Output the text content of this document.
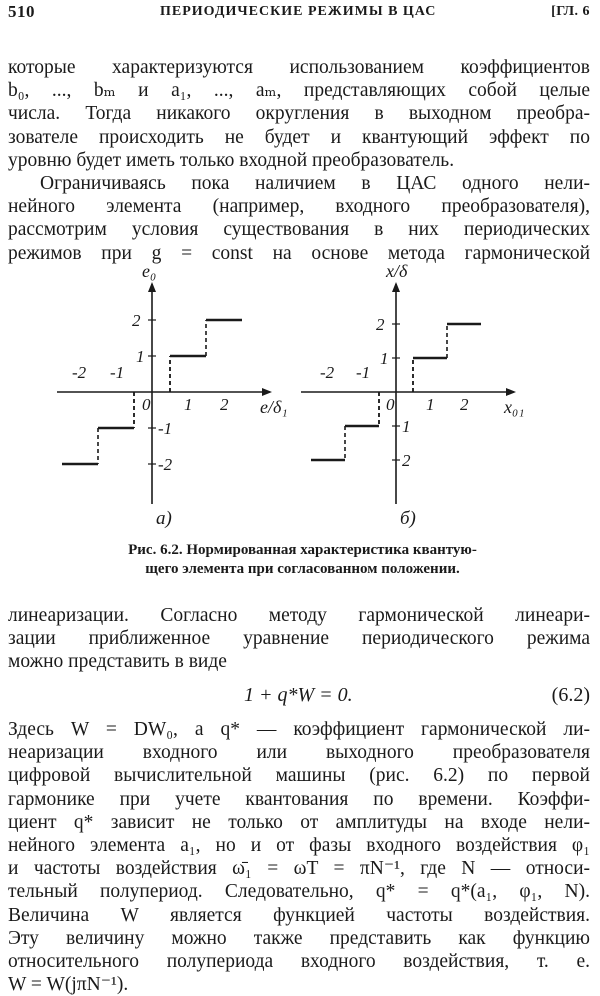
510	ПЕРИОДИЧЕСКИЕ РЕЖИМЫ В ЦАС	[ГЛ. 6

которые характеризуются использованием коэффициентов

b₀, ..., bₘ и a₁, ..., aₘ, представляющих собой целые

числа. Тогда никакого округления в выходном преобра-

зователе происходить не будет и квантующий эффект по

уровню будет иметь только входной преобразователь.

Ограничиваясь пока наличием в ЦАС одного нели-

нейного элемента (например, входного преобразователя),

рассмотрим условия существования в них периодических

режимов при g = const на основе метода гармонической

e₀
e/δ₁
0
-2 -1
1 2
2
1
-1
-2
а)
x/δ
x₀₁
0
-2 -1
1 2
2
1
1
2
б)
Рис. 6.2. Нормированная характеристика квантую-
щего элемента при согласованном положении.

линеаризации. Согласно методу гармонической линеари-

зации приближенное уравнение периодического режима

можно представить в виде

1 + q*W = 0.	(6.2)

Здесь W = DW₀, а q* — коэффициент гармонической ли-

неаризации входного или выходного преобразователя

цифровой вычислительной машины (рис. 6.2) по первой

гармонике при учете квантования по времени. Коэффи-

циент q* зависит не только от амплитуды на входе нели-

нейного элемента a₁, но и от фазы входного воздействия φ₁

и частоты воздействия ω̄₁ = ωT = πN⁻¹, где N — относи-

тельный полупериод. Следовательно, q* = q*(a₁, φ₁, N).

Величина W является функцией частоты воздействия.

Эту величину можно также представить как функцию

относительного полупериода входного воздействия, т. е.

W = W(jπN⁻¹).
